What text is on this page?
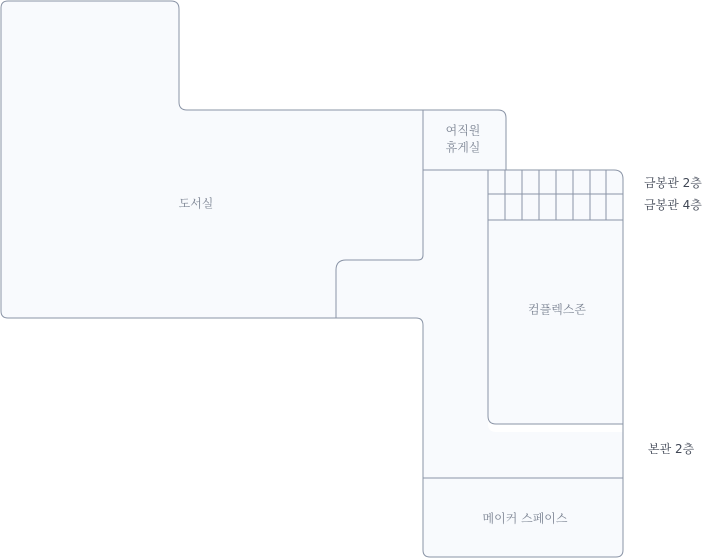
도서실
여직원
휴게실
컴플렉스존
메이커 스페이스
금봉관 2층
금봉관 4층
본관 2층
